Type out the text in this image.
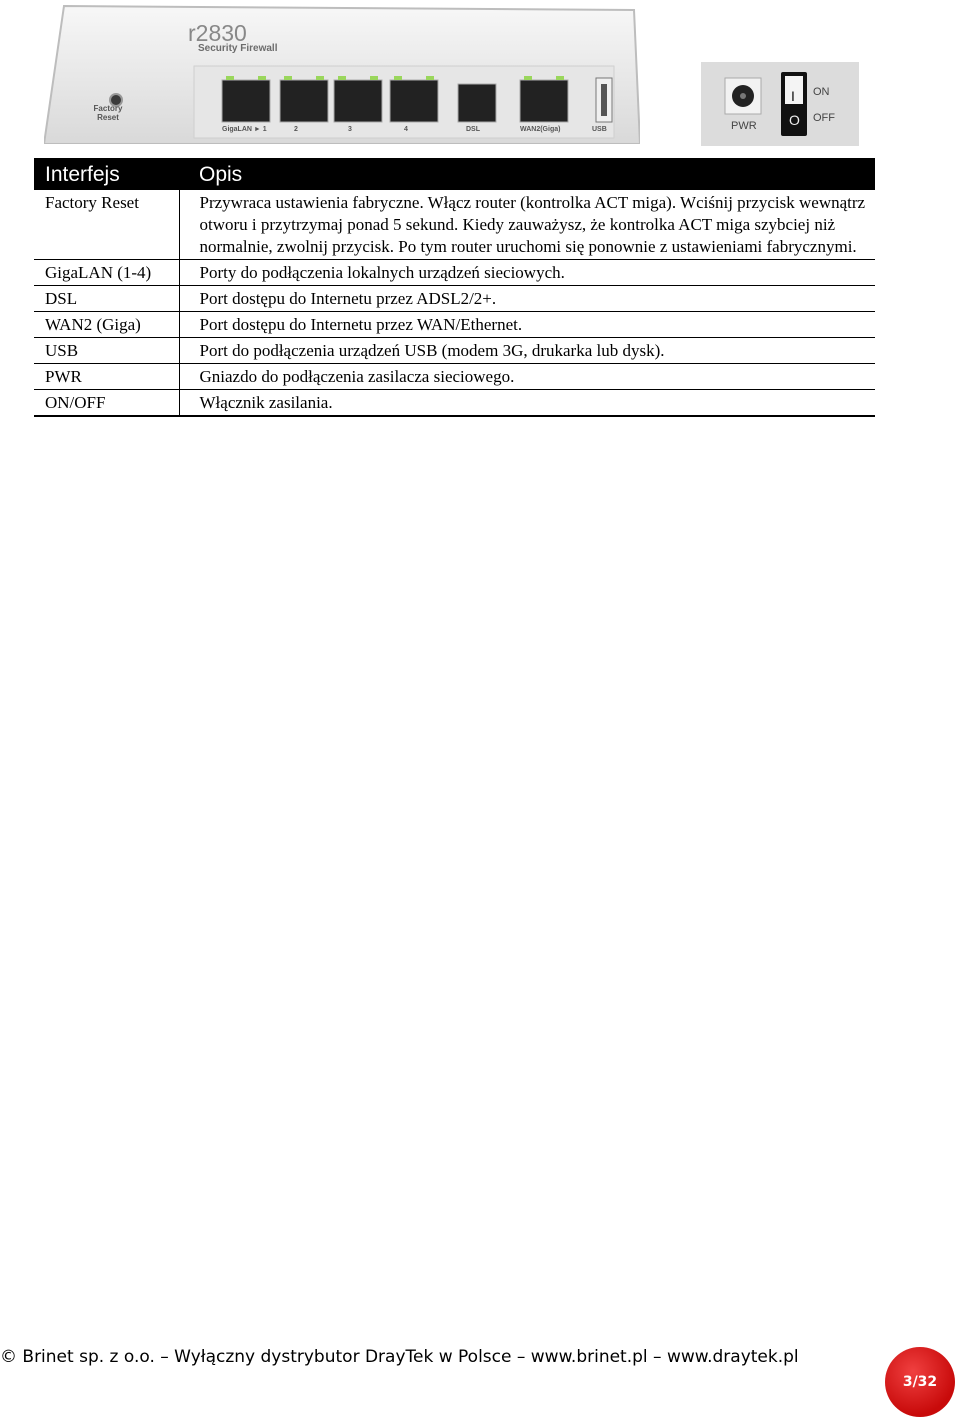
r2830
Security Firewall
Factory
Reset
GigaLAN ► 1	2	3	4	DSL	WAN2(Giga)	USB	PWR
ON
OFF
I
O
Interfejs	Opis
Factory Reset	Przywraca ustawienia fabryczne. Włącz router (kontrolka ACT miga). Wciśnij przycisk wewnątrz otworu i przytrzymaj ponad 5 sekund. Kiedy zauważysz, że kontrolka ACT miga szybciej niż normalnie, zwolnij przycisk. Po tym router uruchomi się ponownie z ustawieniami fabrycznymi.
GigaLAN (1-4)	Porty do podłączenia lokalnych urządzeń sieciowych.
DSL	Port dostępu do Internetu przez ADSL2/2+.
WAN2 (Giga)	Port dostępu do Internetu przez WAN/Ethernet.
USB	Port do podłączenia urządzeń USB (modem 3G, drukarka lub dysk).
PWR	Gniazdo do podłączenia zasilacza sieciowego.
ON/OFF	Włącznik zasilania.
© Brinet sp. z o.o. – Wyłączny dystrybutor DrayTek w Polsce – www.brinet.pl – www.draytek.pl
3/32
